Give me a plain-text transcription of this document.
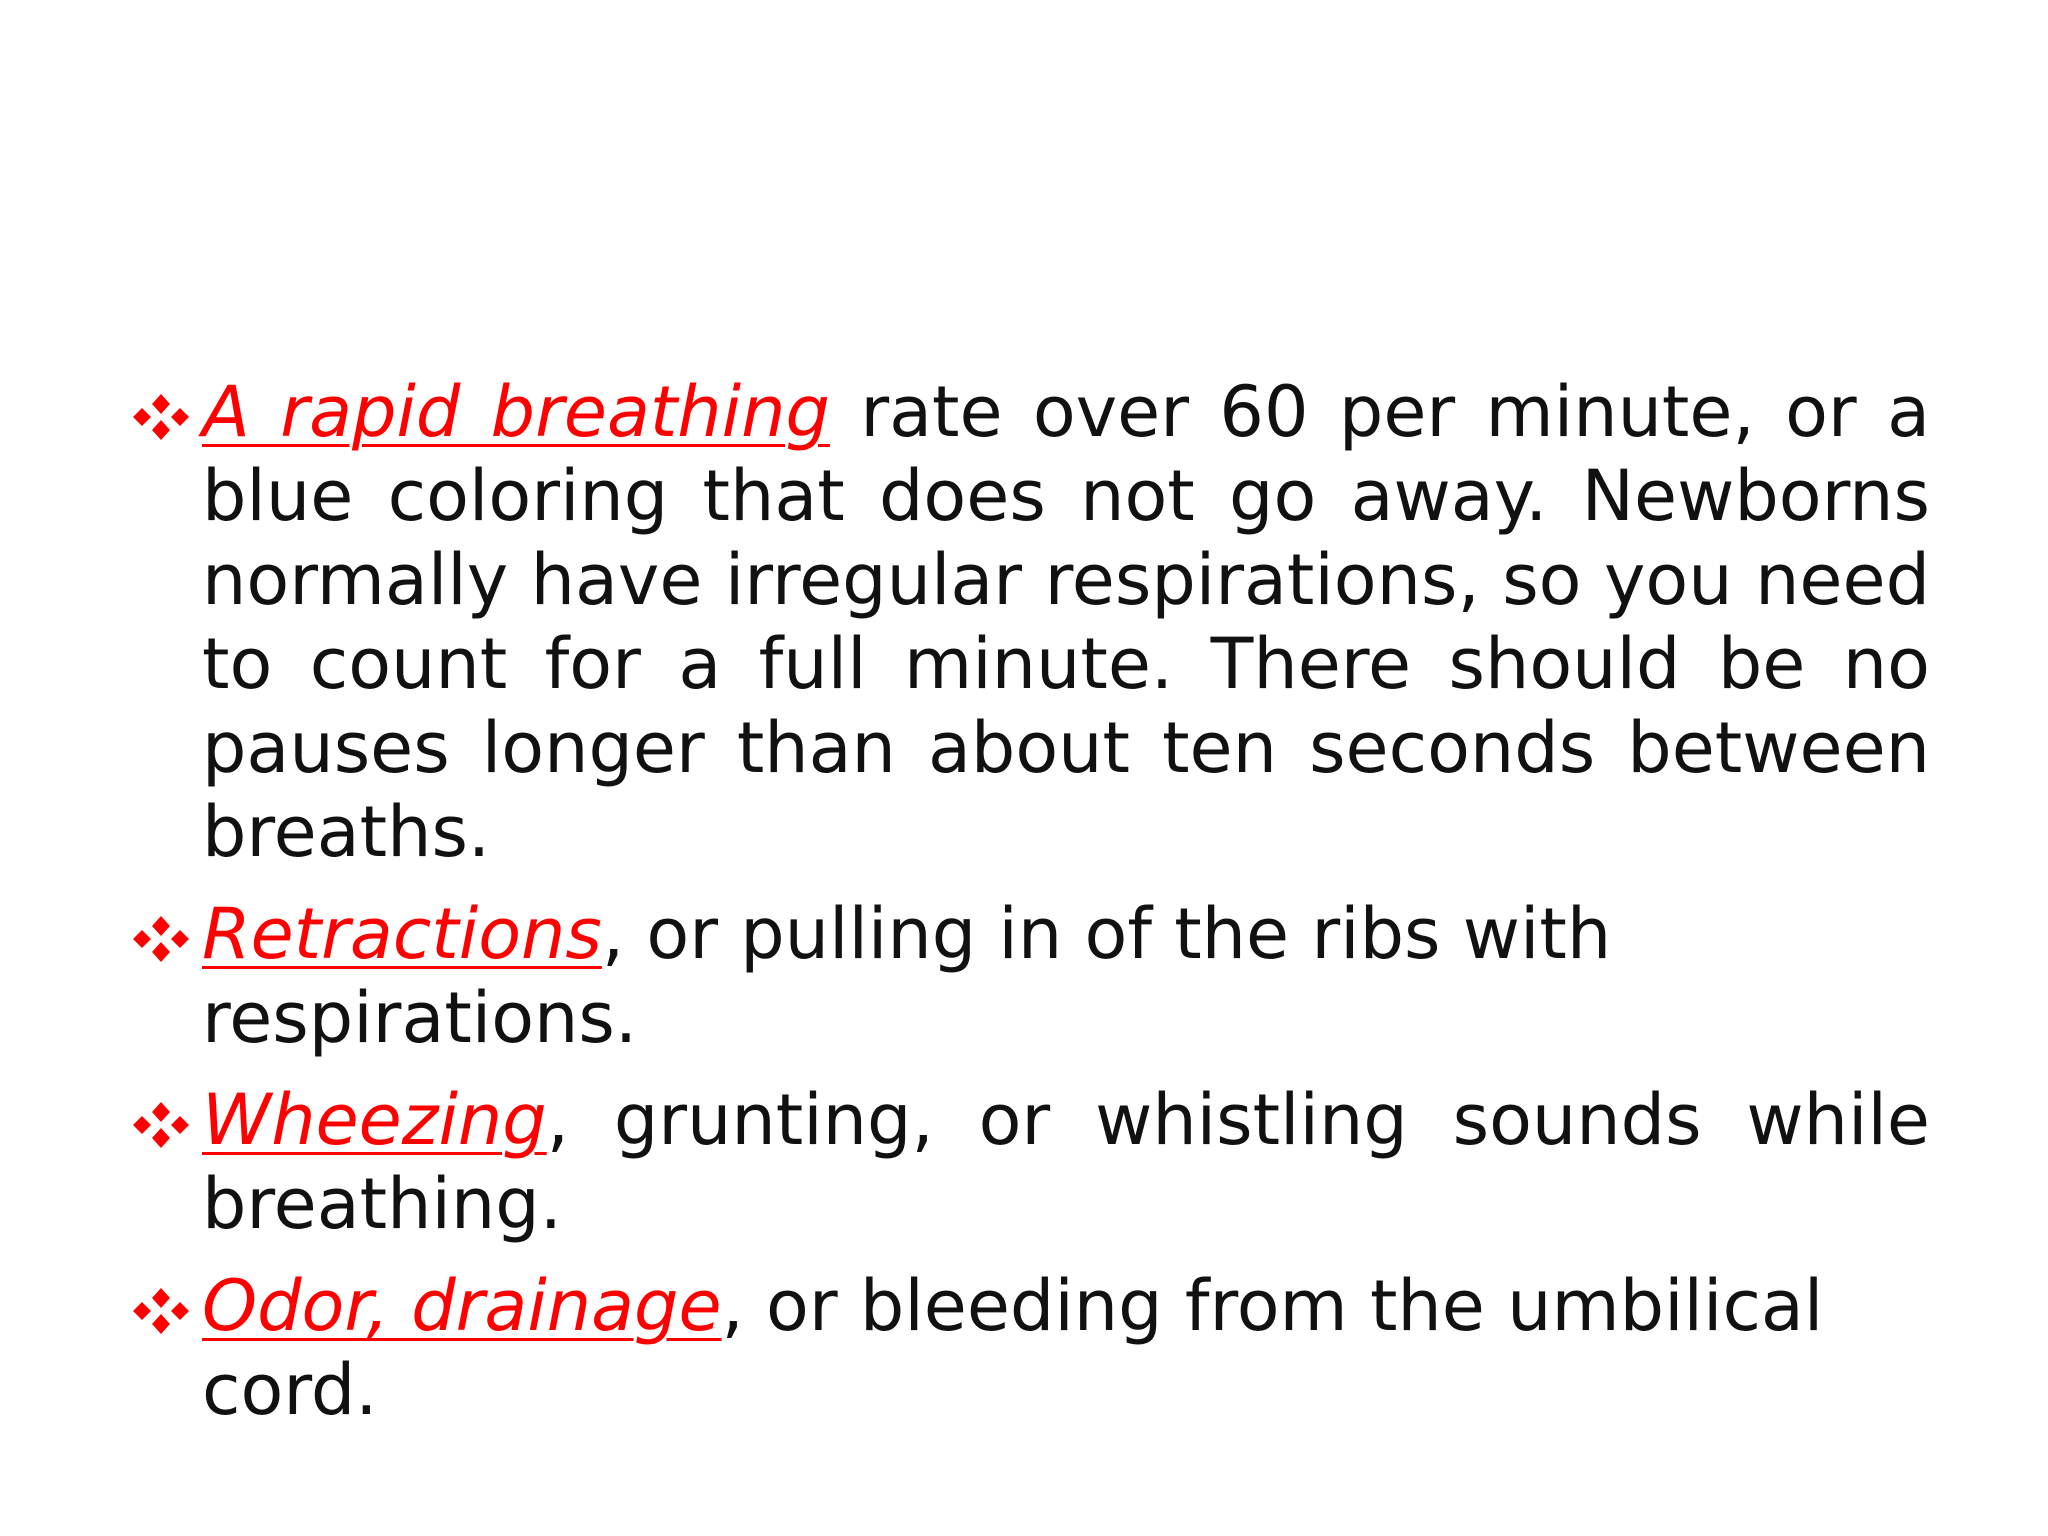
A rapid breathing rate over 60 per minute, or a blue coloring that does not go away. Newborns normally have irregular respirations, so you need to count for a full minute. There should be no pauses longer than about ten seconds between breaths.
Retractions, or pulling in of the ribs with respirations.
Wheezing, grunting, or whistling sounds while breathing.
Odor, drainage, or bleeding from the umbilical cord.
